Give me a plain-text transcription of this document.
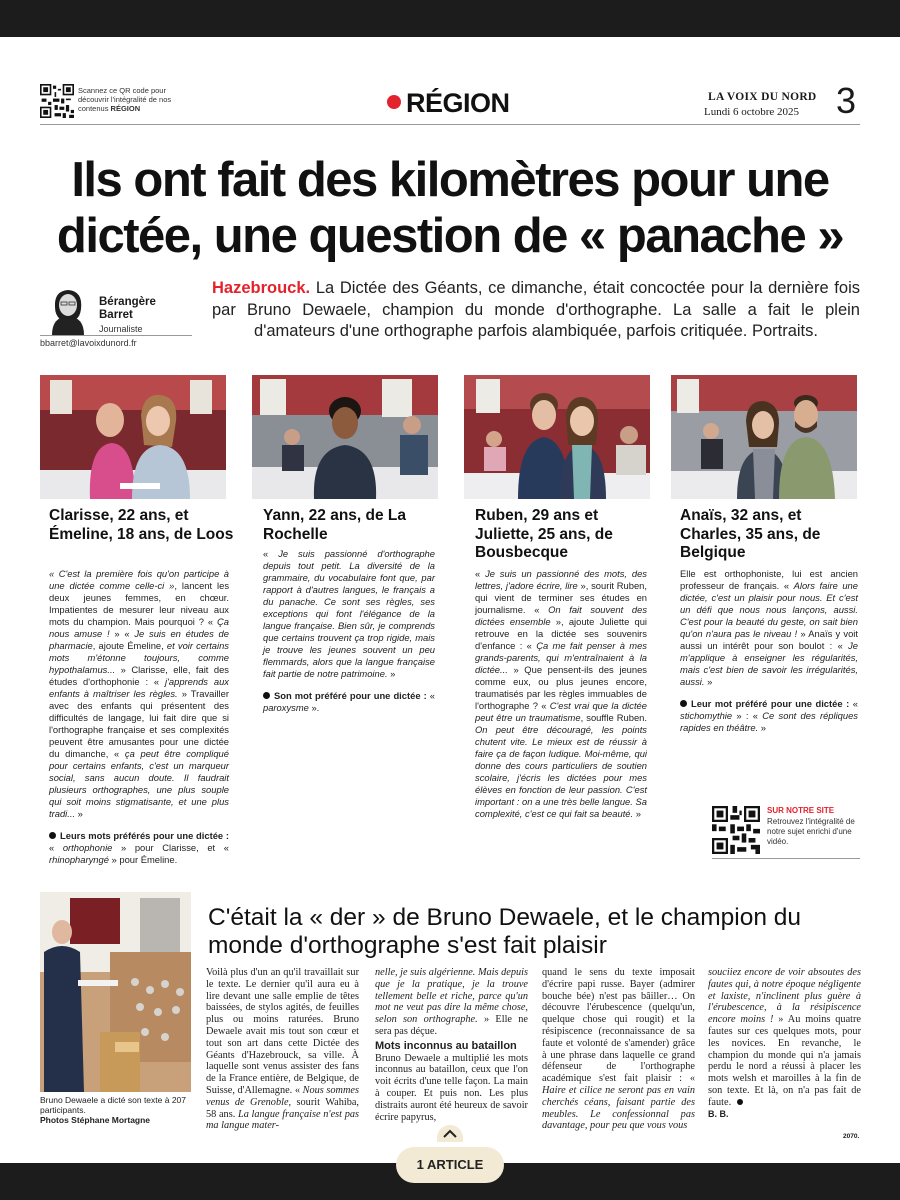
Scannez ce QR code pour découvrir l'intégralité de nos contenus RÉGION	RÉGION	LA VOIX DU NORD
Lundi 6 octobre 2025 3
Ils ont fait des kilomètres pour une dictée, une question de « panache »
Bérangère
Barret
Journaliste
bbarret@lavoixdunord.fr
Hazebrouck. La Dictée des Géants, ce dimanche, était concoctée pour la dernière fois par Bruno Dewaele, champion du monde d'orthographe. La salle a fait le plein d'amateurs d'une orthographe parfois alambiquée, parfois critiquée. Portraits.
Clarisse, 22 ans, et Émeline, 18 ans, de Loos
Yann, 22 ans, de La Rochelle
Ruben, 29 ans et Juliette, 25 ans, de Bousbecque
Anaïs, 32 ans, et Charles, 35 ans, de Belgique
« C'est la première fois qu'on participe à une dictée comme celle-ci », lancent les deux jeunes femmes, en chœur. Impatientes de mesurer leur niveau aux mots du champion. Mais pourquoi ? « Ça nous amuse ! » « Je suis en études de pharmacie, ajoute Émeline, et voir certains mots m'étonne toujours, comme hypothalamus... » Clarisse, elle, fait des études d'orthophonie : « j'apprends aux enfants à maîtriser les règles. » Travailler avec des enfants qui présentent des difficultés de langage, lui fait dire que si l'orthographe française et ses complexités peuvent être amusantes pour une dictée du dimanche, « ça peut être compliqué pour certains enfants, c'est un marqueur social, sans aucun doute. Il faudrait plusieurs orthographes, une plus souple qui soit moins stigmatisante, et une plus tradi... »
Leurs mots préférés pour une dictée : « orthophonie » pour Clarisse, et « rhinopharyngé » pour Émeline.
« Je suis passionné d'orthographe depuis tout petit. La diversité de la grammaire, du vocabulaire font que, par rapport à d'autres langues, le français a du panache. Ce sont ses règles, ses exceptions qui font l'élégance de la langue française. Bien sûr, je comprends que certains trouvent ça trop rigide, mais je trouve les jeunes souvent un peu flemmards, alors que la langue française fait partie de notre patrimoine. »
Son mot préféré pour une dictée : « paroxysme ».
« Je suis un passionné des mots, des lettres, j'adore écrire, lire », sourit Ruben, qui vient de terminer ses études en journalisme. « On fait souvent des dictées ensemble », ajoute Juliette qui retrouve en la dictée ses souvenirs d'enfance : « Ça me fait penser à mes grands-parents, qui m'entraînaient à la dictée... » Que pensent-ils des jeunes comme eux, ou plus jeunes encore, traumatisés par les règles immuables de l'orthographe ? « C'est vrai que la dictée peut être un traumatisme, souffle Ruben. On peut être découragé, les points chutent vite. Le mieux est de réussir à faire ça de façon ludique. Moi-même, qui donne des cours particuliers de soutien scolaire, j'écris les dictées pour mes élèves en fonction de leur passion. C'est important : on a une très belle langue. Sa complexité, c'est ce qui fait sa beauté. »
Elle est orthophoniste, lui est ancien professeur de français. « Alors faire une dictée, c'est un plaisir pour nous. Et c'est un défi que nous nous lançons, aussi. C'est pour la beauté du geste, on sait bien qu'on n'aura pas le niveau ! » Anaïs y voit aussi un intérêt pour son boulot : « Je m'applique à enseigner les régularités, mais c'est bien de savoir les irrégularités, aussi. »
Leur mot préféré pour une dictée : « stichomythie » : « Ce sont des répliques rapides en théâtre. »
SUR NOTRE SITE
Retrouvez l'intégralité de notre sujet enrichi d'une vidéo.
Bruno Dewaele a dicté son texte à 207 participants.
Photos Stéphane Mortagne
C'était la « der » de Bruno Dewaele, et le champion du monde d'orthographe s'est fait plaisir
Voilà plus d'un an qu'il travaillait sur le texte. Le dernier qu'il aura eu à lire devant une salle emplie de têtes baissées, de stylos agités, de feuilles plus ou moins raturées. Bruno Dewaele avait mis tout son cœur et tout son art dans cette Dictée des Géants d'Hazebrouck, sa ville. À laquelle sont venus assister des fans de la France entière, de Belgique, de Suisse, d'Allemagne. « Nous sommes venus de Grenoble, sourit Wahiba, 58 ans. La langue française n'est pas ma langue mater-
nelle, je suis algérienne. Mais depuis que je la pratique, je la trouve tellement belle et riche, parce qu'un mot ne veut pas dire la même chose, selon son orthographe. » Elle ne sera pas déçue.
Mots inconnus au bataillon
Bruno Dewaele a multiplié les mots inconnus au bataillon, ceux que l'on voit écrits d'une telle façon. La main à couper. Et puis non. Les plus distraits auront été heureux de savoir écrire papyrus,
quand le sens du texte imposait d'écrire papi russe. Bayer (admirer bouche bée) n'est pas bâiller… On découvre l'érubescence (quelqu'un, quelque chose qui rougit) et la résipiscence (reconnaissance de sa faute et volonté de s'amender) grâce à une phrase dans laquelle ce grand défenseur de l'orthographe académique s'est fait plaisir : « Haire et cilice ne seront pas en vain cherchés céans, faisant partie des meubles. Le confessionnal pas davantage, pour peu que vous vous
souciiez encore de voir absoutes des fautes qui, à notre époque négligente et laxiste, n'inclinent plus guère à l'érubescence, à la résipiscence encore moins ! » Au moins quatre fautes sur ces quelques mots, pour les novices. En revanche, le champion du monde qui n'a jamais perdu le nord a réussi à placer les mots welsh et maroilles à la fin de son texte. Et là, on n'a pas fait de faute.
B. B.
2070.
1 ARTICLE
